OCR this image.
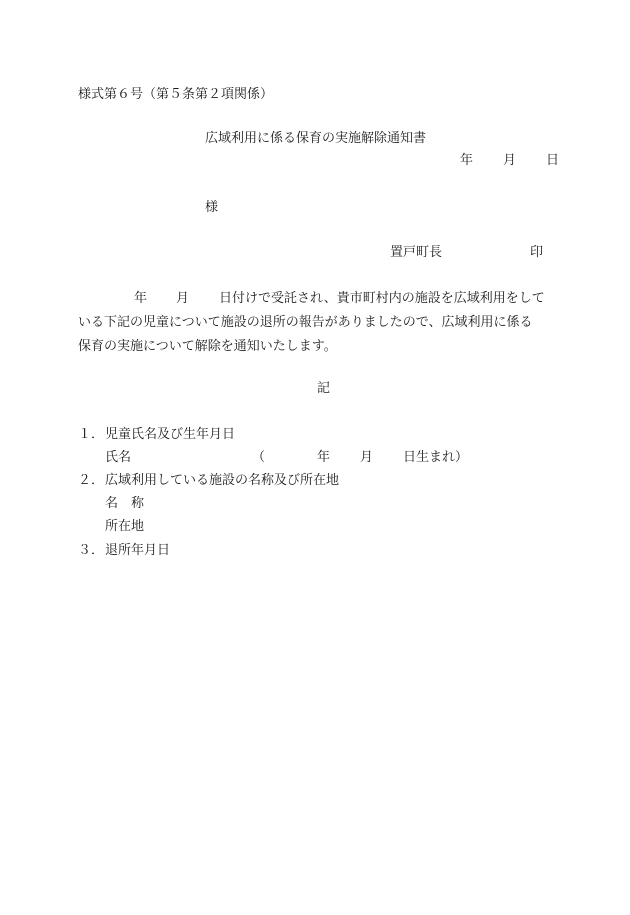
様式第６号（第５条第２項関係）
広域利用に係る保育の実施解除通知書
年 月 日
様
置戸町長	印
年 月 日付けで受託され、貴市町村内の施設を広域利用をして
いる下記の児童について施設の退所の報告がありましたので、広域利用に係る
保育の実施について解除を通知いたします。
記
１． 児童氏名及び生年月日
氏名	（	年 月 日生まれ）
２． 広域利用している施設の名称及び所在地
名　称
所在地
３． 退所年月日
